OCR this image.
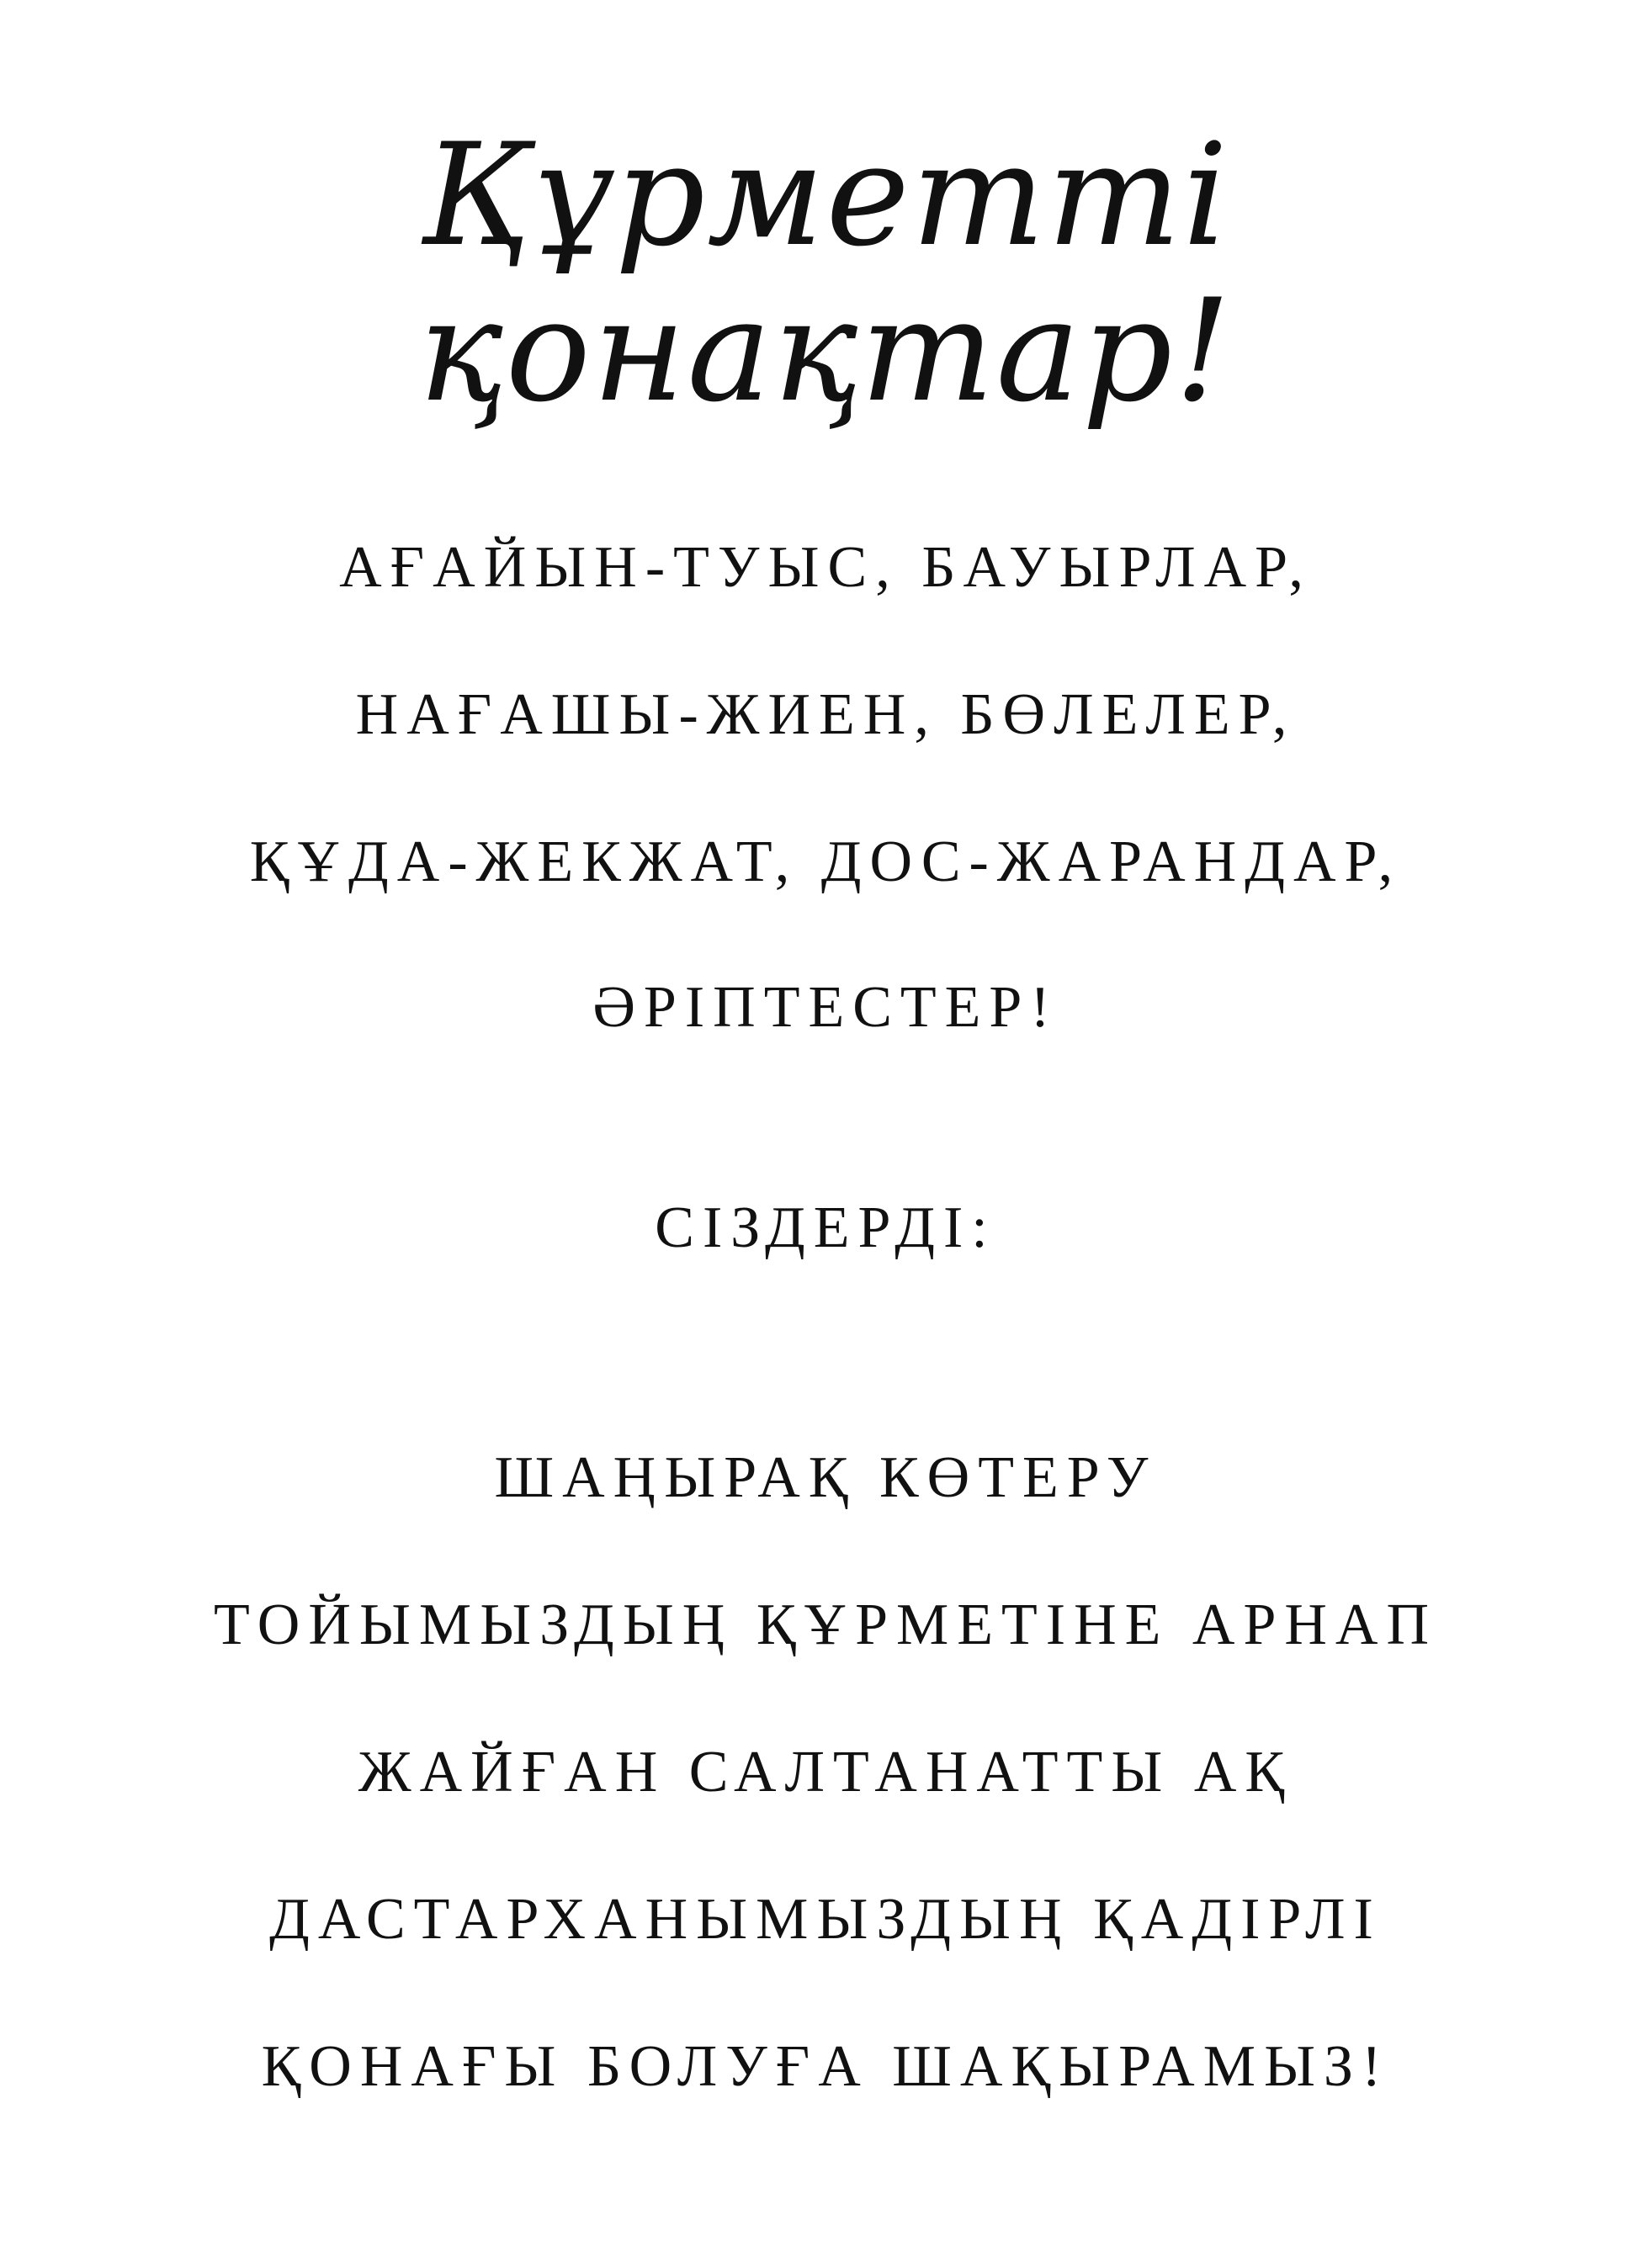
Құрметті қонақтар!
АҒАЙЫН-ТУЫС, БАУЫРЛАР,
НАҒАШЫ-ЖИЕН, БӨЛЕЛЕР,
ҚҰДА-ЖЕКЖАТ, ДОС-ЖАРАНДАР,
ӘРІПТЕСТЕР!
СІЗДЕРДІ:
ШАҢЫРАҚ КӨТЕРУ
ТОЙЫМЫЗДЫҢ ҚҰРМЕТІНЕ АРНАП
ЖАЙҒАН САЛТАНАТТЫ АҚ
ДАСТАРХАНЫМЫЗДЫҢ ҚАДІРЛІ
ҚОНАҒЫ БОЛУҒА ШАҚЫРАМЫЗ!
